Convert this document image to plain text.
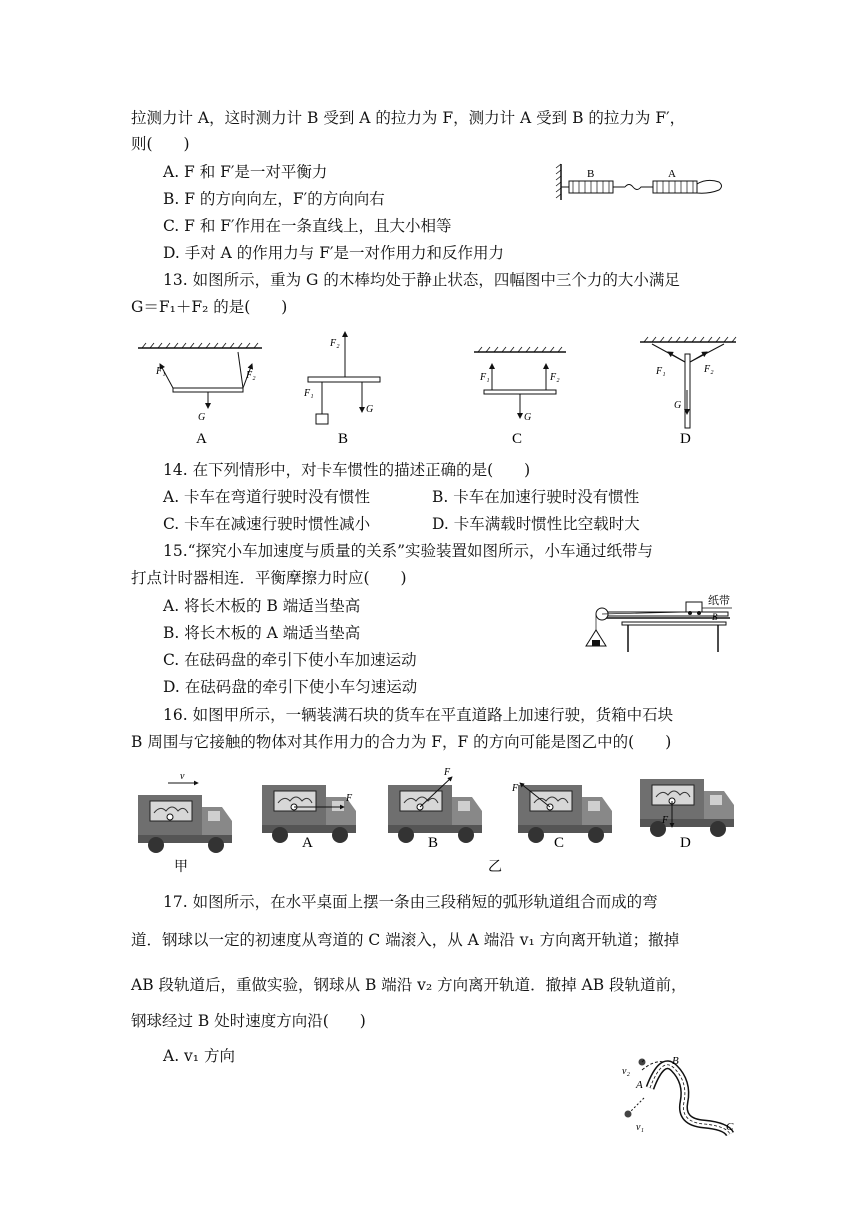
拉测力计 A，这时测力计 B 受到 A 的拉力为 F，测力计 A 受到 B 的拉力为 F′，
则(　　)
A. F 和 F′是一对平衡力
B. F 的方向向左，F′的方向向右
C. F 和 F′作用在一条直线上，且大小相等
D. 手对 A 的作用力与 F′是一对作用力和反作用力
B	A
13. 如图所示，重为 G 的木棒均处于静止状态，四幅图中三个力的大小满足
G＝F₁＋F₂ 的是(　　)
F₁	F₂
G
A
F₂
F₁
G
B
F₁	F₂
G
C
F₁	F₂
G
D
14. 在下列情形中，对卡车惯性的描述正确的是(　　)
A. 卡车在弯道行驶时没有惯性	B. 卡车在加速行驶时没有惯性
C. 卡车在减速行驶时惯性减小	D. 卡车满载时惯性比空载时大
15.“探究小车加速度与质量的关系”实验装置如图所示，小车通过纸带与
打点计时器相连．平衡摩擦力时应(　　)
A. 将长木板的 B 端适当垫高
B. 将长木板的 A 端适当垫高
C. 在砝码盘的牵引下使小车加速运动
D. 在砝码盘的牵引下使小车匀速运动
纸带
B
16. 如图甲所示，一辆装满石块的货车在平直道路上加速行驶，货箱中石块
B 周围与它接触的物体对其作用力的合力为 F，F 的方向可能是图乙中的(　　)
v
甲
F
A
F
B
F
C
F
D
乙
17. 如图所示，在水平桌面上摆一条由三段稍短的弧形轨道组合而成的弯
道．钢球以一定的初速度从弯道的 C 端滚入，从 A 端沿 v₁ 方向离开轨道；撤掉
AB 段轨道后，重做实验，钢球从 B 端沿 v₂ 方向离开轨道．撤掉 AB 段轨道前，
钢球经过 B 处时速度方向沿(　　)
A. v₁ 方向	B
A
C
v₂
v₁
